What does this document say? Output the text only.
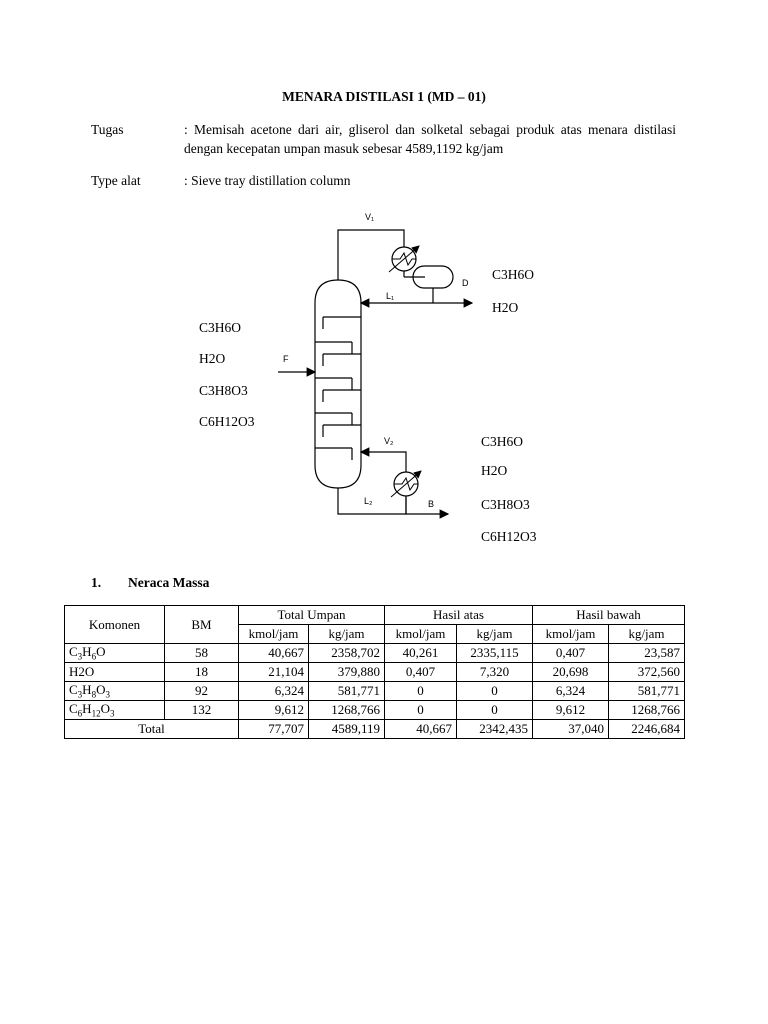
MENARA DISTILASI 1 (MD – 01)
Tugas	: Memisah acetone dari air, gliserol dan solketal sebagai produk atas menara distilasi dengan kecepatan umpan masuk sebesar 4589,1192 kg/jam
Type alat	: Sieve tray distillation column
V₁
L₁
D
F
V₂
L₂	B
C3H6O
H2O
C3H6O
H2O
C3H8O3
C6H12O3
C3H6O
H2O
C3H8O3
C6H12O3
1. Neraca Massa
Komonen	BM	Total Umpan		Hasil atas		Hasil bawah	
		kmol/jam	kg/jam	kmol/jam	kg/jam	kmol/jam	kg/jam
$C_3H_6O$	58	40,667	2358,702	40,261	2335,115	0,407	23,587
H2O	18	21,104	379,880	0,407	7,320	20,698	372,560
$C_3H_8O_3$	92	6,324	581,771	0	0	6,324	581,771
$C_6H_{12}O_3$	132	9,612	1268,766	0	0	9,612	1268,766
Total		77,707	4589,119	40,667	2342,435	37,040	2246,684
